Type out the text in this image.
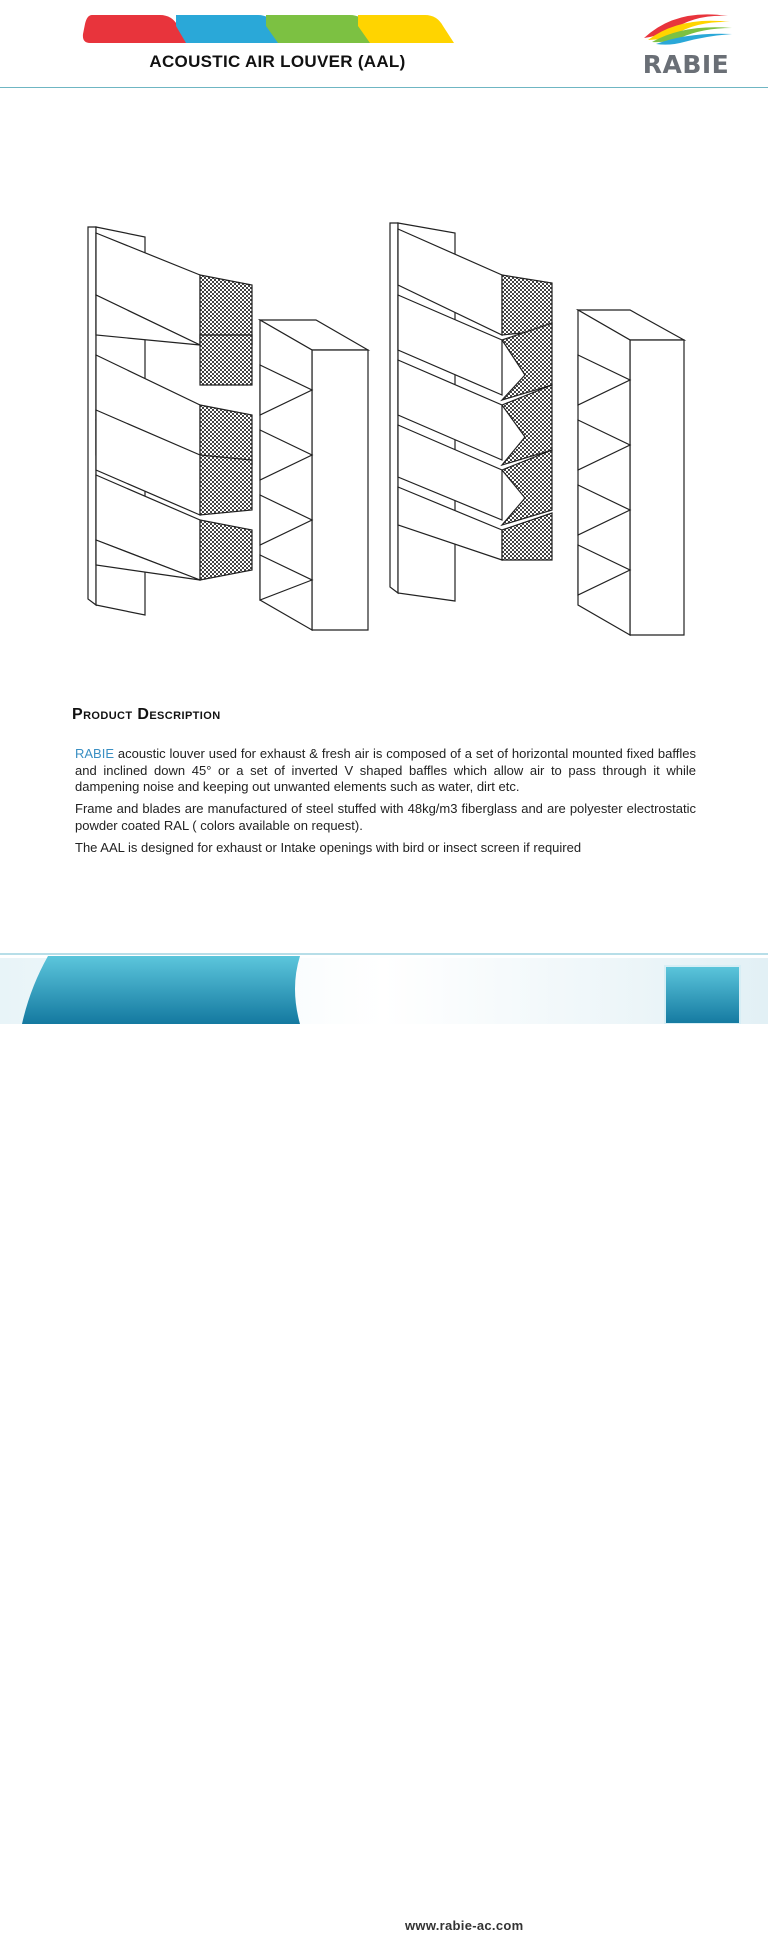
ACOUSTIC AIR LOUVER (AAL)	RABIE
Product Description

RABIE acoustic louver used for exhaust & fresh air is composed of a set of horizontal mounted fixed baffles and inclined down 45° or a set of inverted V shaped baffles which allow air to pass through it while dampening noise and keeping out unwanted elements such as water, dirt etc.

Frame and blades are manufactured of steel stuffed with 48kg/m3 fiberglass and are polyester electrostatic powder coated RAL ( colors available on request).

The AAL is designed for exhaust or Intake openings with bird or insect screen if required

مصنع ربيع التكييف
RABIE Al-Takyeef Factory
www.rabie-ac.com	1
